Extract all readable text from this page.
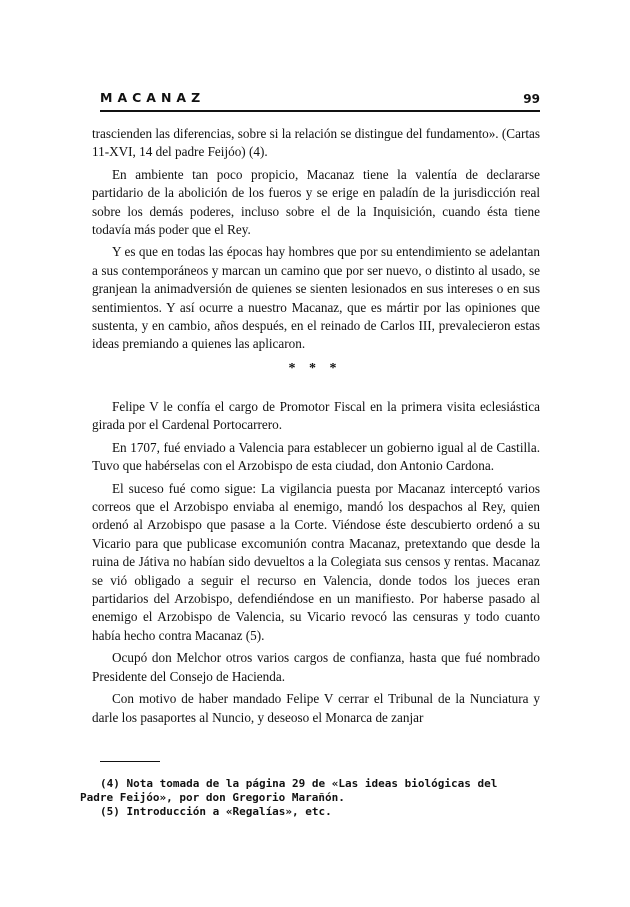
MACANAZ	99

trascienden las diferencias, sobre si la relación se distingue del fundamento». (Cartas 11-XVI, 14 del padre Feijóo) (4).

En ambiente tan poco propicio, Macanaz tiene la valentía de declararse partidario de la abolición de los fueros y se erige en paladín de la jurisdicción real sobre los demás poderes, incluso sobre el de la Inquisición, cuando ésta tiene todavía más poder que el Rey.

Y es que en todas las épocas hay hombres que por su entendimiento se adelantan a sus contemporáneos y marcan un camino que por ser nuevo, o distinto al usado, se granjean la animadversión de quienes se sienten lesionados en sus intereses o en sus sentimientos. Y así ocurre a nuestro Macanaz, que es mártir por las opiniones que sustenta, y en cambio, años después, en el reinado de Carlos III, prevalecieron estas ideas premiando a quienes las aplicaron.

* * *

Felipe V le confía el cargo de Promotor Fiscal en la primera visita eclesiástica girada por el Cardenal Portocarrero.

En 1707, fué enviado a Valencia para establecer un gobierno igual al de Castilla. Tuvo que habérselas con el Arzobispo de esta ciudad, don Antonio Cardona.

El suceso fué como sigue: La vigilancia puesta por Macanaz interceptó varios correos que el Arzobispo enviaba al enemigo, mandó los despachos al Rey, quien ordenó al Arzobispo que pasase a la Corte. Viéndose éste descubierto ordenó a su Vicario para que publicase excomunión contra Macanaz, pretextando que desde la ruina de Játiva no habían sido devueltos a la Colegiata sus censos y rentas. Macanaz se vió obligado a seguir el recurso en Valencia, donde todos los jueces eran partidarios del Arzobispo, defendiéndose en un manifiesto. Por haberse pasado al enemigo el Arzobispo de Valencia, su Vicario revocó las censuras y todo cuanto había hecho contra Macanaz (5).

Ocupó don Melchor otros varios cargos de confianza, hasta que fué nombrado Presidente del Consejo de Hacienda.

Con motivo de haber mandado Felipe V cerrar el Tribunal de la Nunciatura y darle los pasaportes al Nuncio, y deseoso el Monarca de zanjar

(4) Nota tomada de la página 29 de «Las ideas biológicas del Padre Feijóo», por don Gregorio Marañón.

(5) Introducción a «Regalías», etc.
